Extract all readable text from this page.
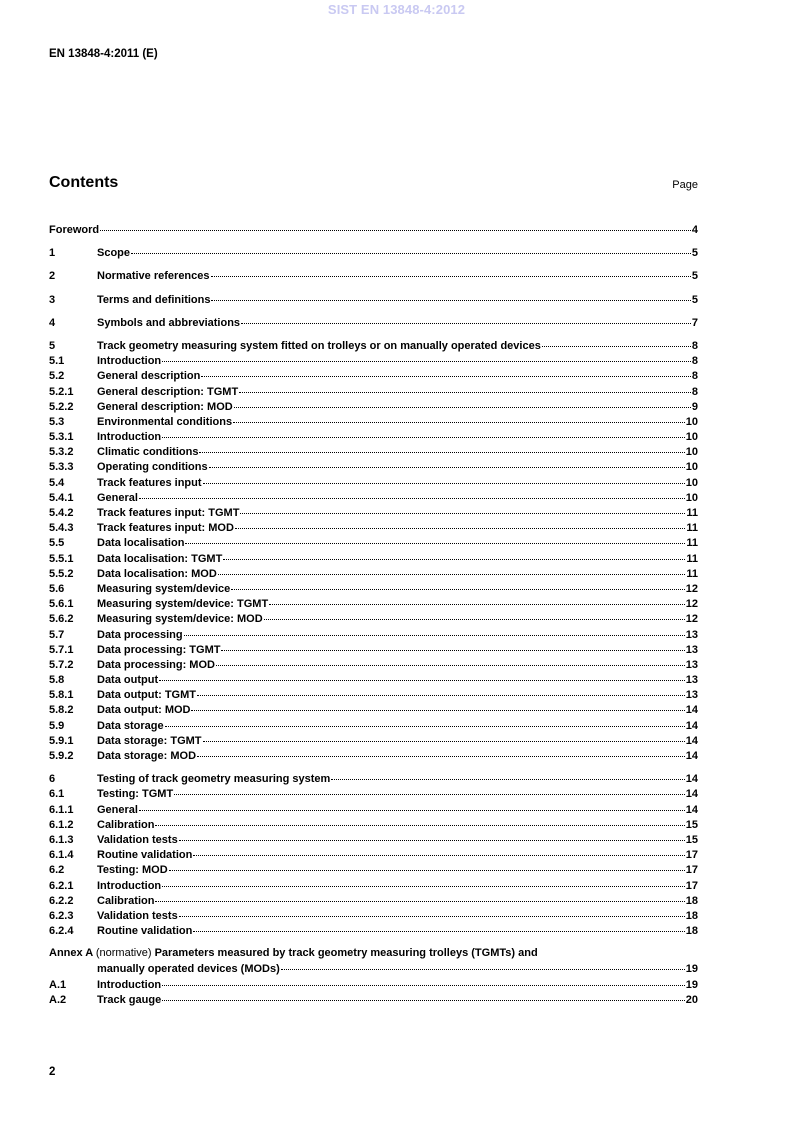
SIST EN 13848-4:2012
EN 13848-4:2011 (E)
Contents	Page
Foreword	4
1	Scope	5
2	Normative references	5
3	Terms and definitions	5
4	Symbols and abbreviations	7
5	Track geometry measuring system fitted on trolleys or on manually operated devices	8
5.1	Introduction	8
5.2	General description	8
5.2.1	General description: TGMT	8
5.2.2	General description: MOD	9
5.3	Environmental conditions	10
5.3.1	Introduction	10
5.3.2	Climatic conditions	10
5.3.3	Operating conditions	10
5.4	Track features input	10
5.4.1	General	10
5.4.2	Track features input: TGMT	11
5.4.3	Track features input: MOD	11
5.5	Data localisation	11
5.5.1	Data localisation: TGMT	11
5.5.2	Data localisation: MOD	11
5.6	Measuring system/device	12
5.6.1	Measuring system/device: TGMT	12
5.6.2	Measuring system/device: MOD	12
5.7	Data processing	13
5.7.1	Data processing: TGMT	13
5.7.2	Data processing: MOD	13
5.8	Data output	13
5.8.1	Data output: TGMT	13
5.8.2	Data output: MOD	14
5.9	Data storage	14
5.9.1	Data storage: TGMT	14
5.9.2	Data storage: MOD	14
6	Testing of track geometry measuring system	14
6.1	Testing: TGMT	14
6.1.1	General	14
6.1.2	Calibration	15
6.1.3	Validation tests	15
6.1.4	Routine validation	17
6.2	Testing: MOD	17
6.2.1	Introduction	17
6.2.2	Calibration	18
6.2.3	Validation tests	18
6.2.4	Routine validation	18
Annex A (normative) Parameters measured by track geometry measuring trolleys (TGMTs) and
manually operated devices (MODs)	19
A.1	Introduction	19
A.2	Track gauge	20
2
